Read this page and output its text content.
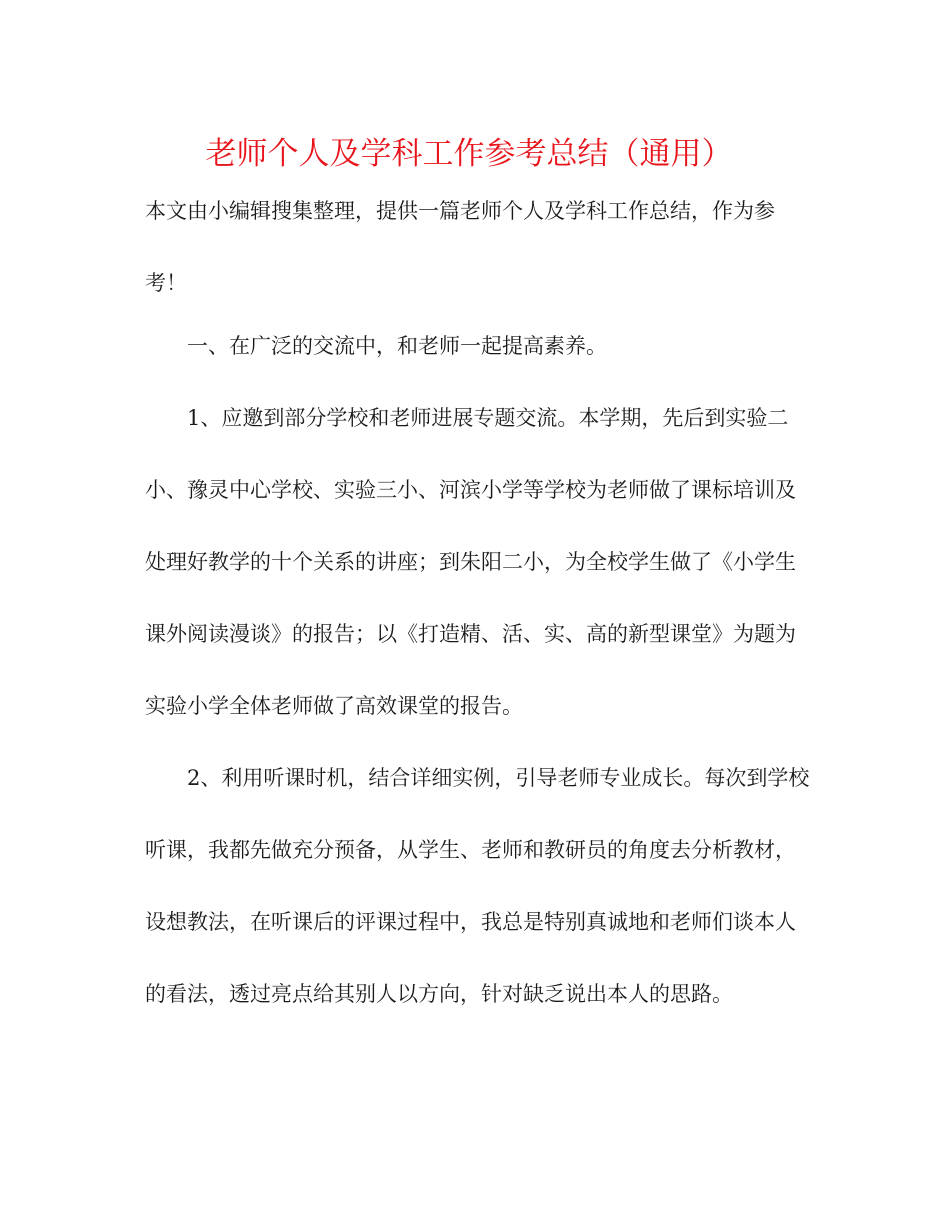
老师个人及学科工作参考总结（通用）
本文由小编辑搜集整理，提供一篇老师个人及学科工作总结，作为参考！
一、在广泛的交流中，和老师一起提高素养。
1、应邀到部分学校和老师进展专题交流。本学期，先后到实验二小、豫灵中心学校、实验三小、河滨小学等学校为老师做了课标培训及处理好教学的十个关系的讲座；到朱阳二小，为全校学生做了《小学生课外阅读漫谈》的报告；以《打造精、活、实、高的新型课堂》为题为实验小学全体老师做了高效课堂的报告。
2、利用听课时机，结合详细实例，引导老师专业成长。每次到学校听课，我都先做充分预备，从学生、老师和教研员的角度去分析教材，设想教法，在听课后的评课过程中，我总是特别真诚地和老师们谈本人的看法，透过亮点给其别人以方向，针对缺乏说出本人的思路。
